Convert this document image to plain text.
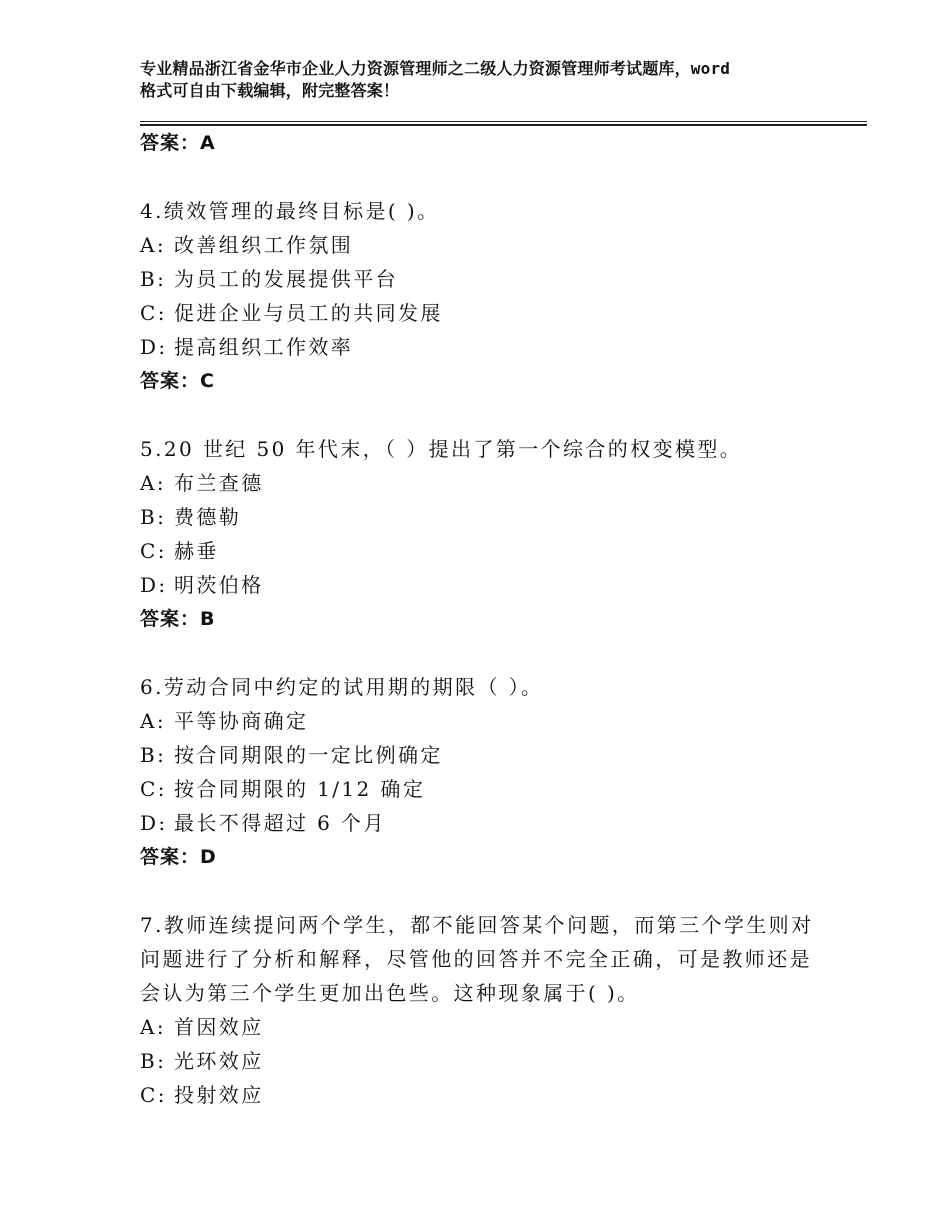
专业精品浙江省金华市企业人力资源管理师之二级人力资源管理师考试题库，word
格式可自由下载编辑，附完整答案！
答案：A
4.绩效管理的最终目标是( )。
A: 改善组织工作氛围
B: 为员工的发展提供平台
C: 促进企业与员工的共同发展
D: 提高组织工作效率
答案：C
5.20 世纪 50 年代末，（ ）提出了第一个综合的权变模型。
A: 布兰查德
B: 费德勒
C: 赫垂
D: 明茨伯格
答案：B
6.劳动合同中约定的试用期的期限（ ）。
A: 平等协商确定
B: 按合同期限的一定比例确定
C: 按合同期限的 1/12 确定
D: 最长不得超过 6 个月
答案：D
7.教师连续提问两个学生，都不能回答某个问题，而第三个学生则对
问题进行了分析和解释，尽管他的回答并不完全正确，可是教师还是
会认为第三个学生更加出色些。这种现象属于( )。
A: 首因效应
B: 光环效应
C: 投射效应
